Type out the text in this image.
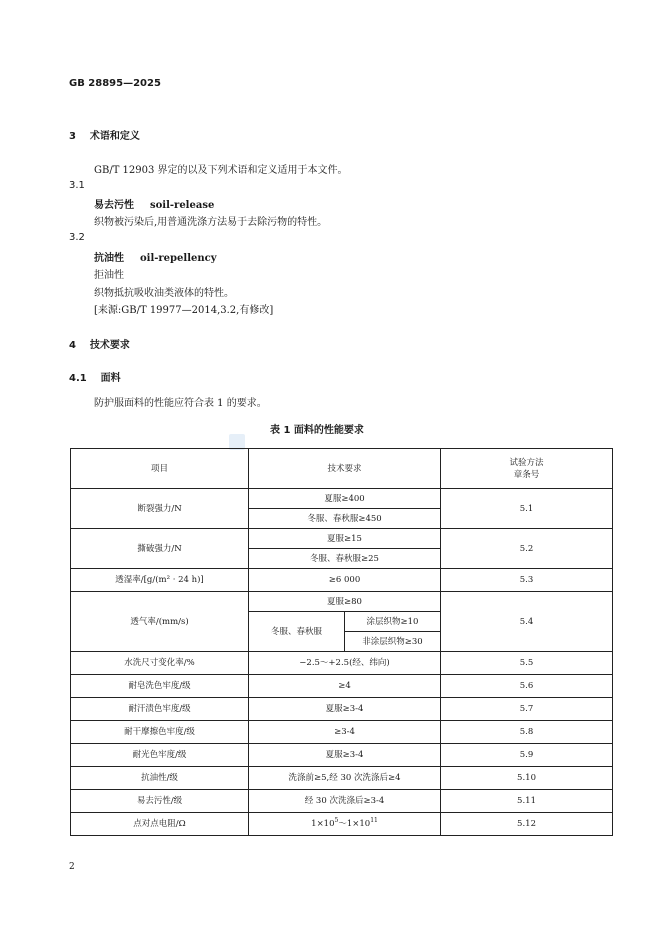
GB 28895—2025
3 术语和定义
GB/T 12903 界定的以及下列术语和定义适用于本文件。
3.1
易去污性 soil-release
织物被污染后,用普通洗涤方法易于去除污物的特性。
3.2
抗油性 oil-repellency
拒油性
织物抵抗吸收油类液体的特性。
[来源:GB/T 19977—2014,3.2,有修改]
4 技术要求
4.1 面料
防护服面料的性能应符合表 1 的要求。
表 1 面料的性能要求
项目	技术要求		试验方法
章条号

断裂强力/N	夏服≥400		5.1
	冬服、春秋服≥450		
撕破强力/N	夏服≥15		5.2
	冬服、春秋服≥25		
透湿率/[g/(m² · 24 h)]	≥6 000		5.3
透气率/(mm/s)	夏服≥80		5.4
	冬服、春秋服	涂层织物≥10	
		非涂层织物≥30	
水洗尺寸变化率/%	−2.5～+2.5(经、纬向)		5.5
耐皂洗色牢度/级	≥4		5.6
耐汗渍色牢度/级	夏服≥3-4		5.7
耐干摩擦色牢度/级	≥3-4		5.8
耐光色牢度/级	夏服≥3-4		5.9
抗油性/级	洗涤前≥5,经 30 次洗涤后≥4		5.10
易去污性/级	经 30 次洗涤后≥3-4		5.11
点对点电阻/Ω	$1\times 10^5\sim 1\times 10^{11}$		5.12
2
